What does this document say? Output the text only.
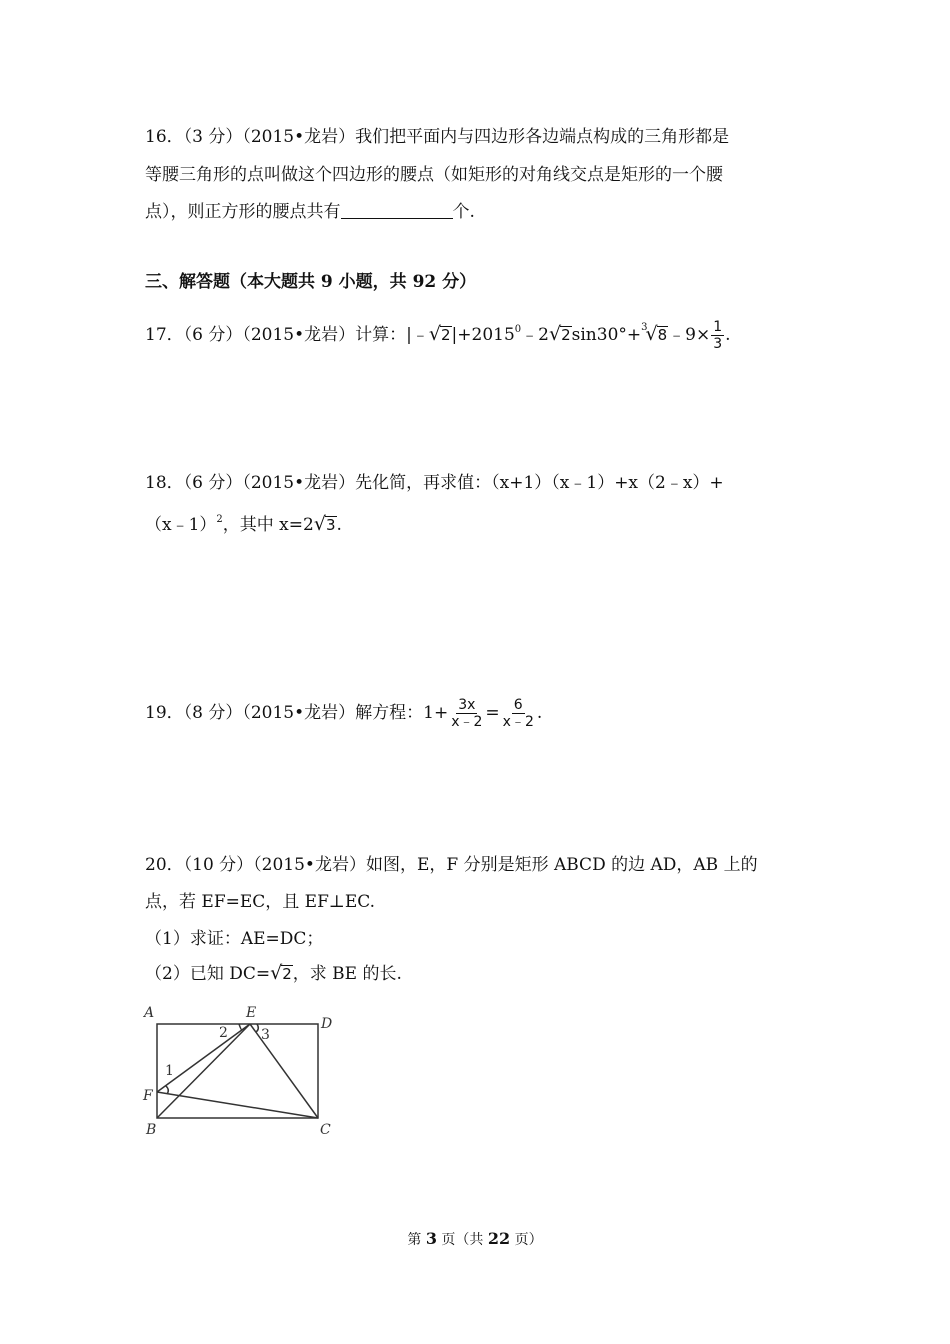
16．（3 分）（2015•龙岩）我们把平面内与四边形各边端点构成的三角形都是
等腰三角形的点叫做这个四边形的腰点（如矩形的对角线交点是矩形的一个腰
点），则正方形的腰点共有	个.
三、解答题（本大题共 9 小题，共 92 分）
17．（6 分）（2015•龙岩）计算：$|﹣√2|+2015^0﹣2√2\sin 30^\circ+^3√8﹣9\times \frac{1}{3}$ .
18．（6 分）（2015•龙岩）先化简，再求值：（x+1）（x﹣1）+x（2﹣x）+
（x﹣1）$^2$，其中 x=2√3.
19．（8 分）（2015•龙岩）解方程：$1+ \frac{3x}{x﹣2} = \frac{6}{x﹣2}$ .
20．（10 分）（2015•龙岩）如图，E，F 分别是矩形 ABCD 的边 AD，AB 上的
点，若 EF=EC，且 EF⊥EC.
（1）求证：AE=DC；
（2）已知 DC=√2，求 BE 的长.
A	E
D
F
B	C
1
2 3
第 3 页（共 22 页）
